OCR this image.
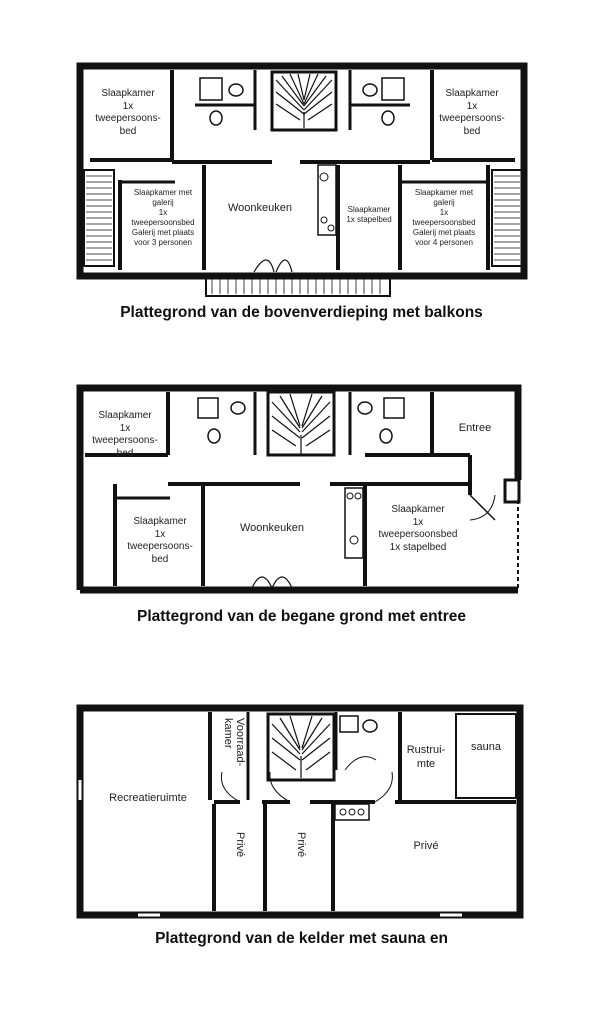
Slaapkamer
1x
tweepersoons-
bed
Slaapkamer
1x
tweepersoons-
bed
Slaapkamer met
galerij
1x
tweepersoonsbed
Galerij met plaats
voor 3 personen
Woonkeuken	Slaapkamer
1x stapelbed
Slaapkamer met
galerij
1x
tweepersoonsbed
Galerij met plaats
voor 4 personen
Plattegrond van de bovenverdieping met balkons
Slaapkamer
1x
tweepersoons-
bed
Entree
Slaapkamer
1x
tweepersoons-
bed
Woonkeuken
Slaapkamer
1x
tweepersoonsbed
1x stapelbed
Plattegrond van de begane grond met entree
Recreatieruimte
Voorraad-
kamer
Rustrui-
mte
sauna
Privé	Privé	Privé
Plattegrond van de kelder met sauna en
